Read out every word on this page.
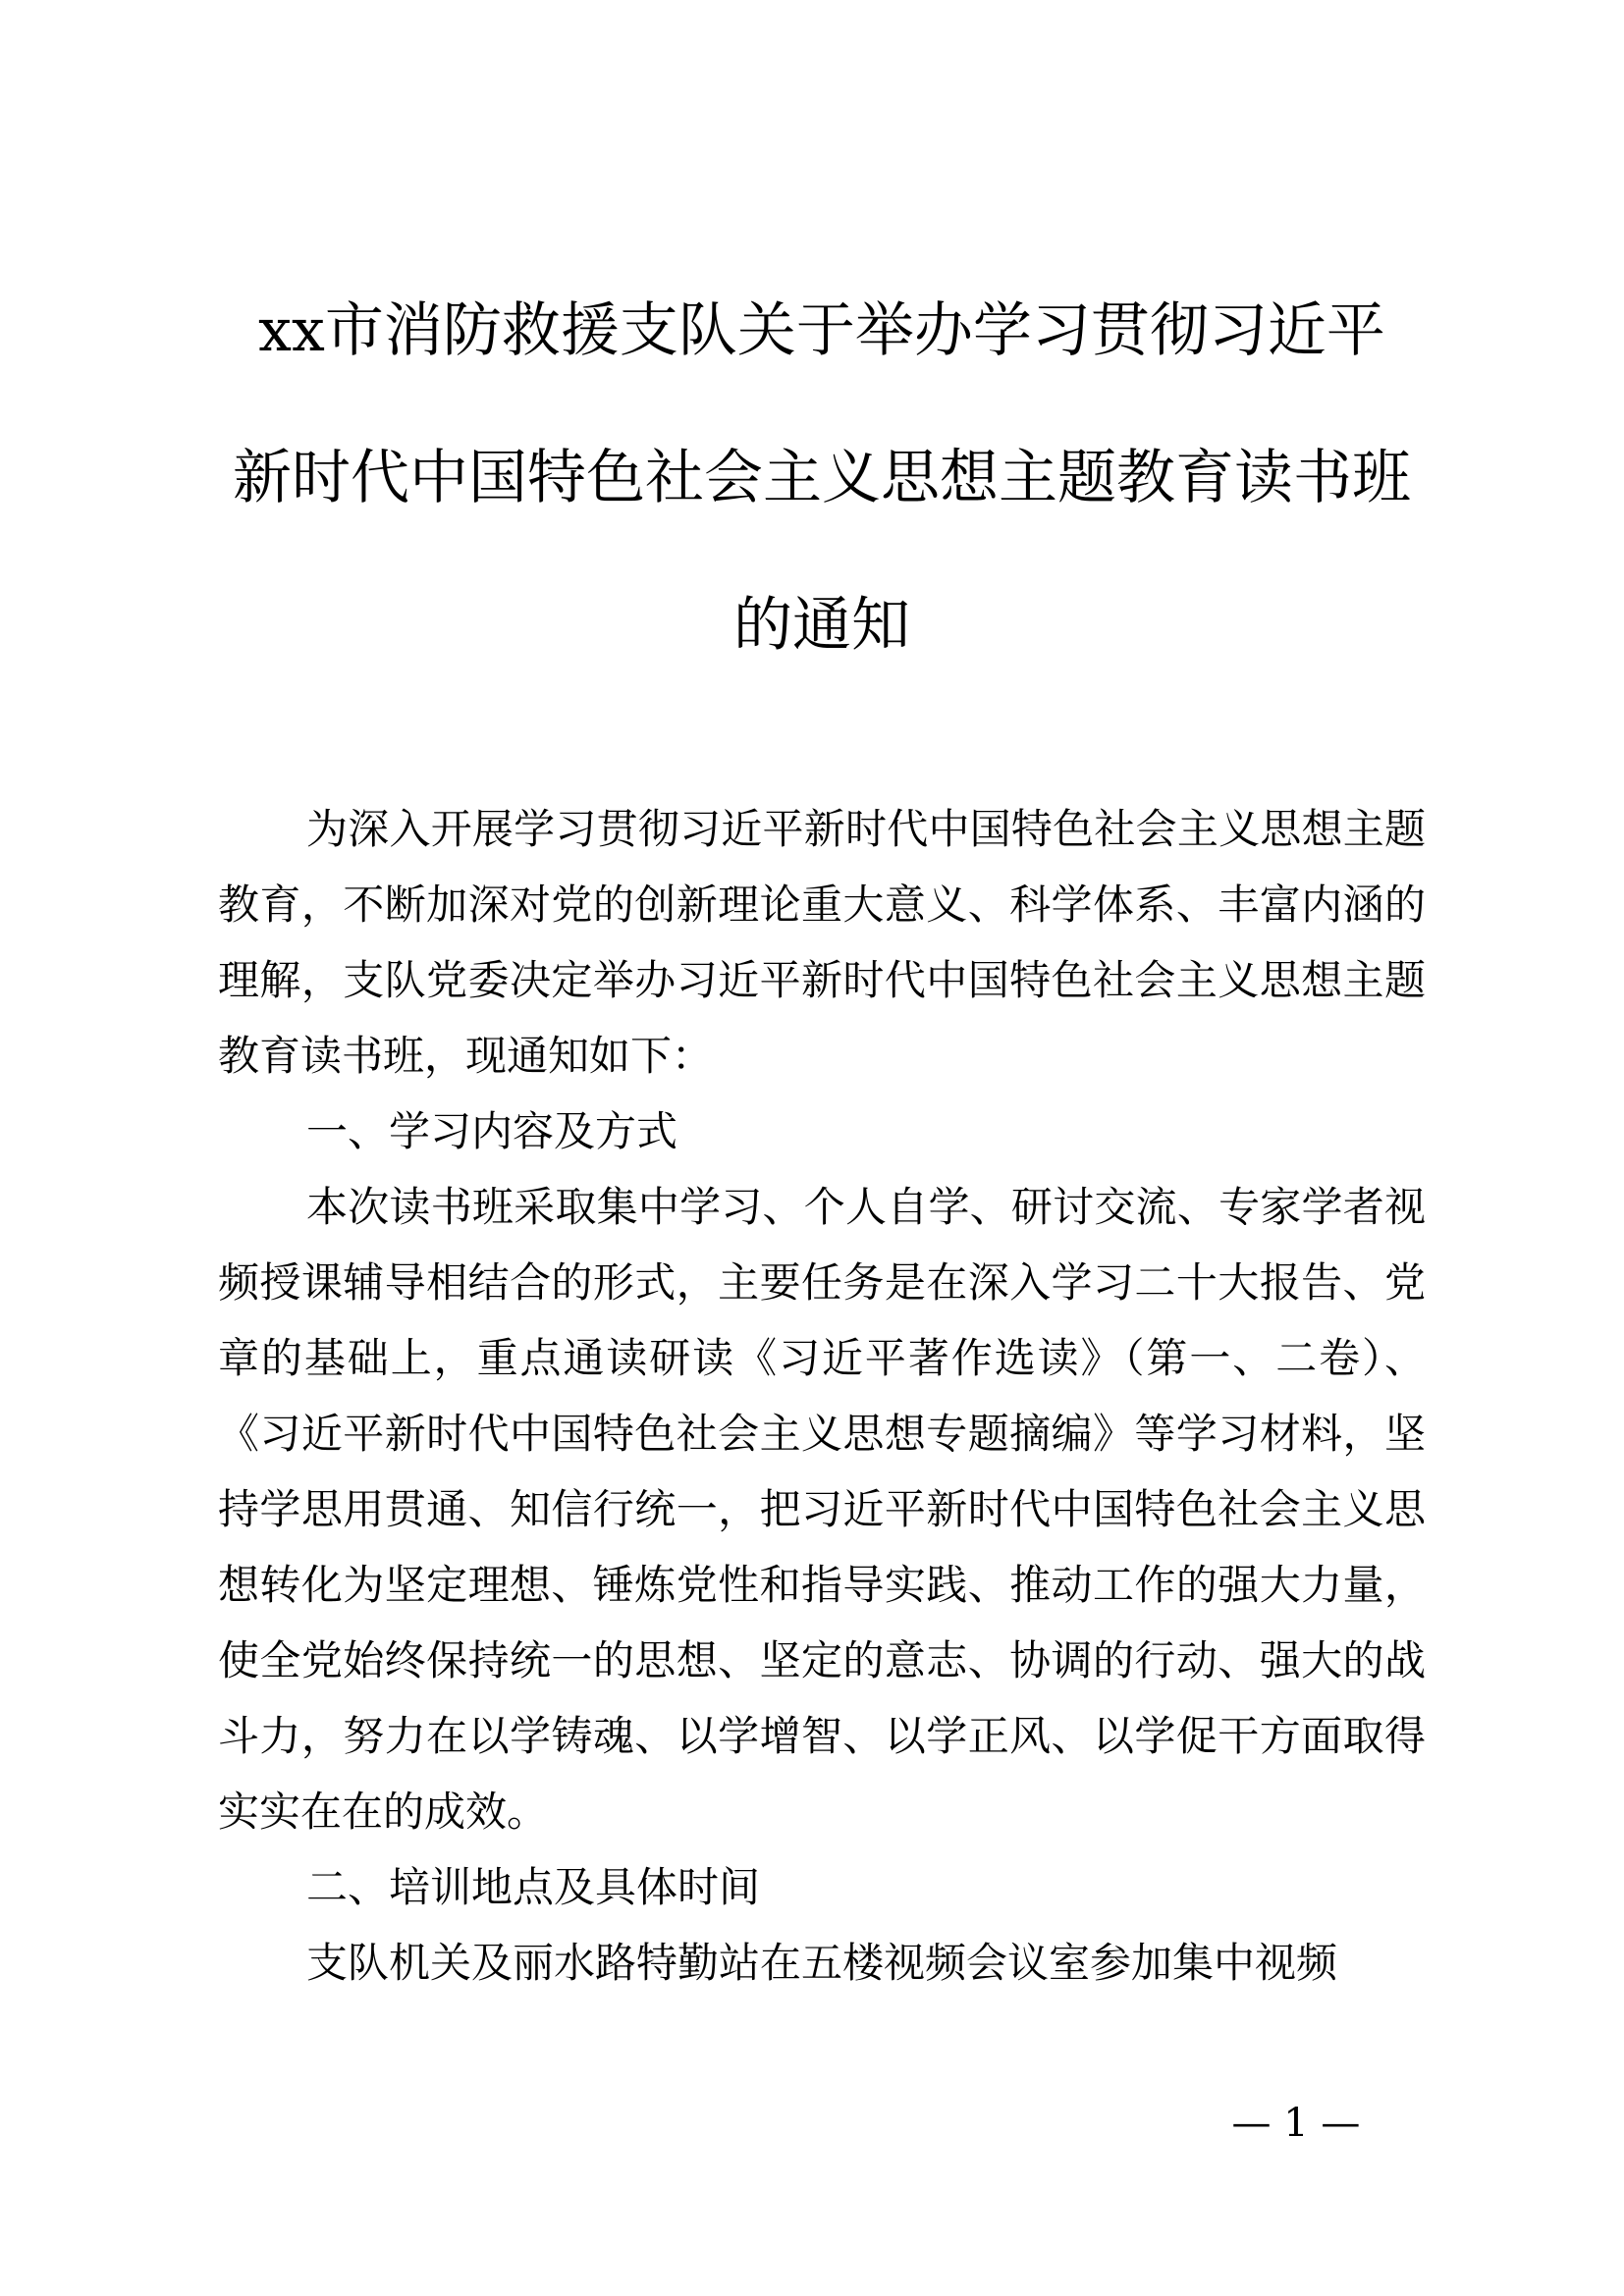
xx市消防救援支队关于举办学习贯彻习近平
新时代中国特色社会主义思想主题教育读书班
的通知

为深入开展学习贯彻习近平新时代中国特色社会主义思想主题教育，不断加深对党的创新理论重大意义、科学体系、丰富内涵的理解，支队党委决定举办习近平新时代中国特色社会主义思想主题教育读书班，现通知如下：

一、学习内容及方式

本次读书班采取集中学习、个人自学、研讨交流、专家学者视频授课辅导相结合的形式，主要任务是在深入学习二十大报告、党章的基础上，重点通读研读《习近平著作选读》（第一、二卷）、《习近平新时代中国特色社会主义思想专题摘编》等学习材料，坚持学思用贯通、知信行统一，把习近平新时代中国特色社会主义思想转化为坚定理想、锤炼党性和指导实践、推动工作的强大力量，使全党始终保持统一的思想、坚定的意志、协调的行动、强大的战斗力，努力在以学铸魂、以学增智、以学正风、以学促干方面取得实实在在的成效。

二、培训地点及具体时间

支队机关及丽水路特勤站在五楼视频会议室参加集中视频

— 1 —
